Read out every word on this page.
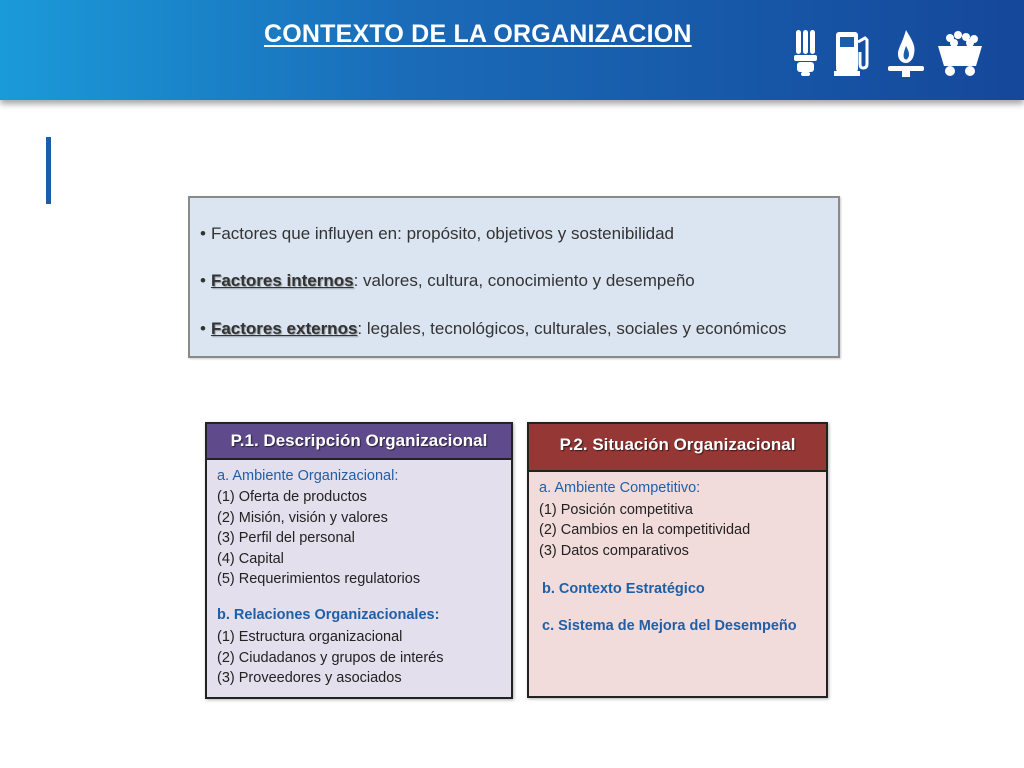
CONTEXTO DE LA ORGANIZACION
• Factores que influyen en: propósito, objetivos y sostenibilidad
• Factores internos: valores, cultura, conocimiento y desempeño
• Factores externos: legales, tecnológicos, culturales, sociales y económicos
P.1. Descripción Organizacional
a. Ambiente Organizacional:
(1) Oferta de productos
(2) Misión, visión y valores
(3) Perfil del personal
(4) Capital
(5) Requerimientos regulatorios
b. Relaciones Organizacionales:
(1) Estructura organizacional
(2) Ciudadanos y grupos de interés
(3) Proveedores y asociados
P.2. Situación Organizacional
a. Ambiente Competitivo:
(1) Posición competitiva
(2) Cambios en la competitividad
(3) Datos comparativos
b. Contexto Estratégico
c. Sistema de Mejora del Desempeño
